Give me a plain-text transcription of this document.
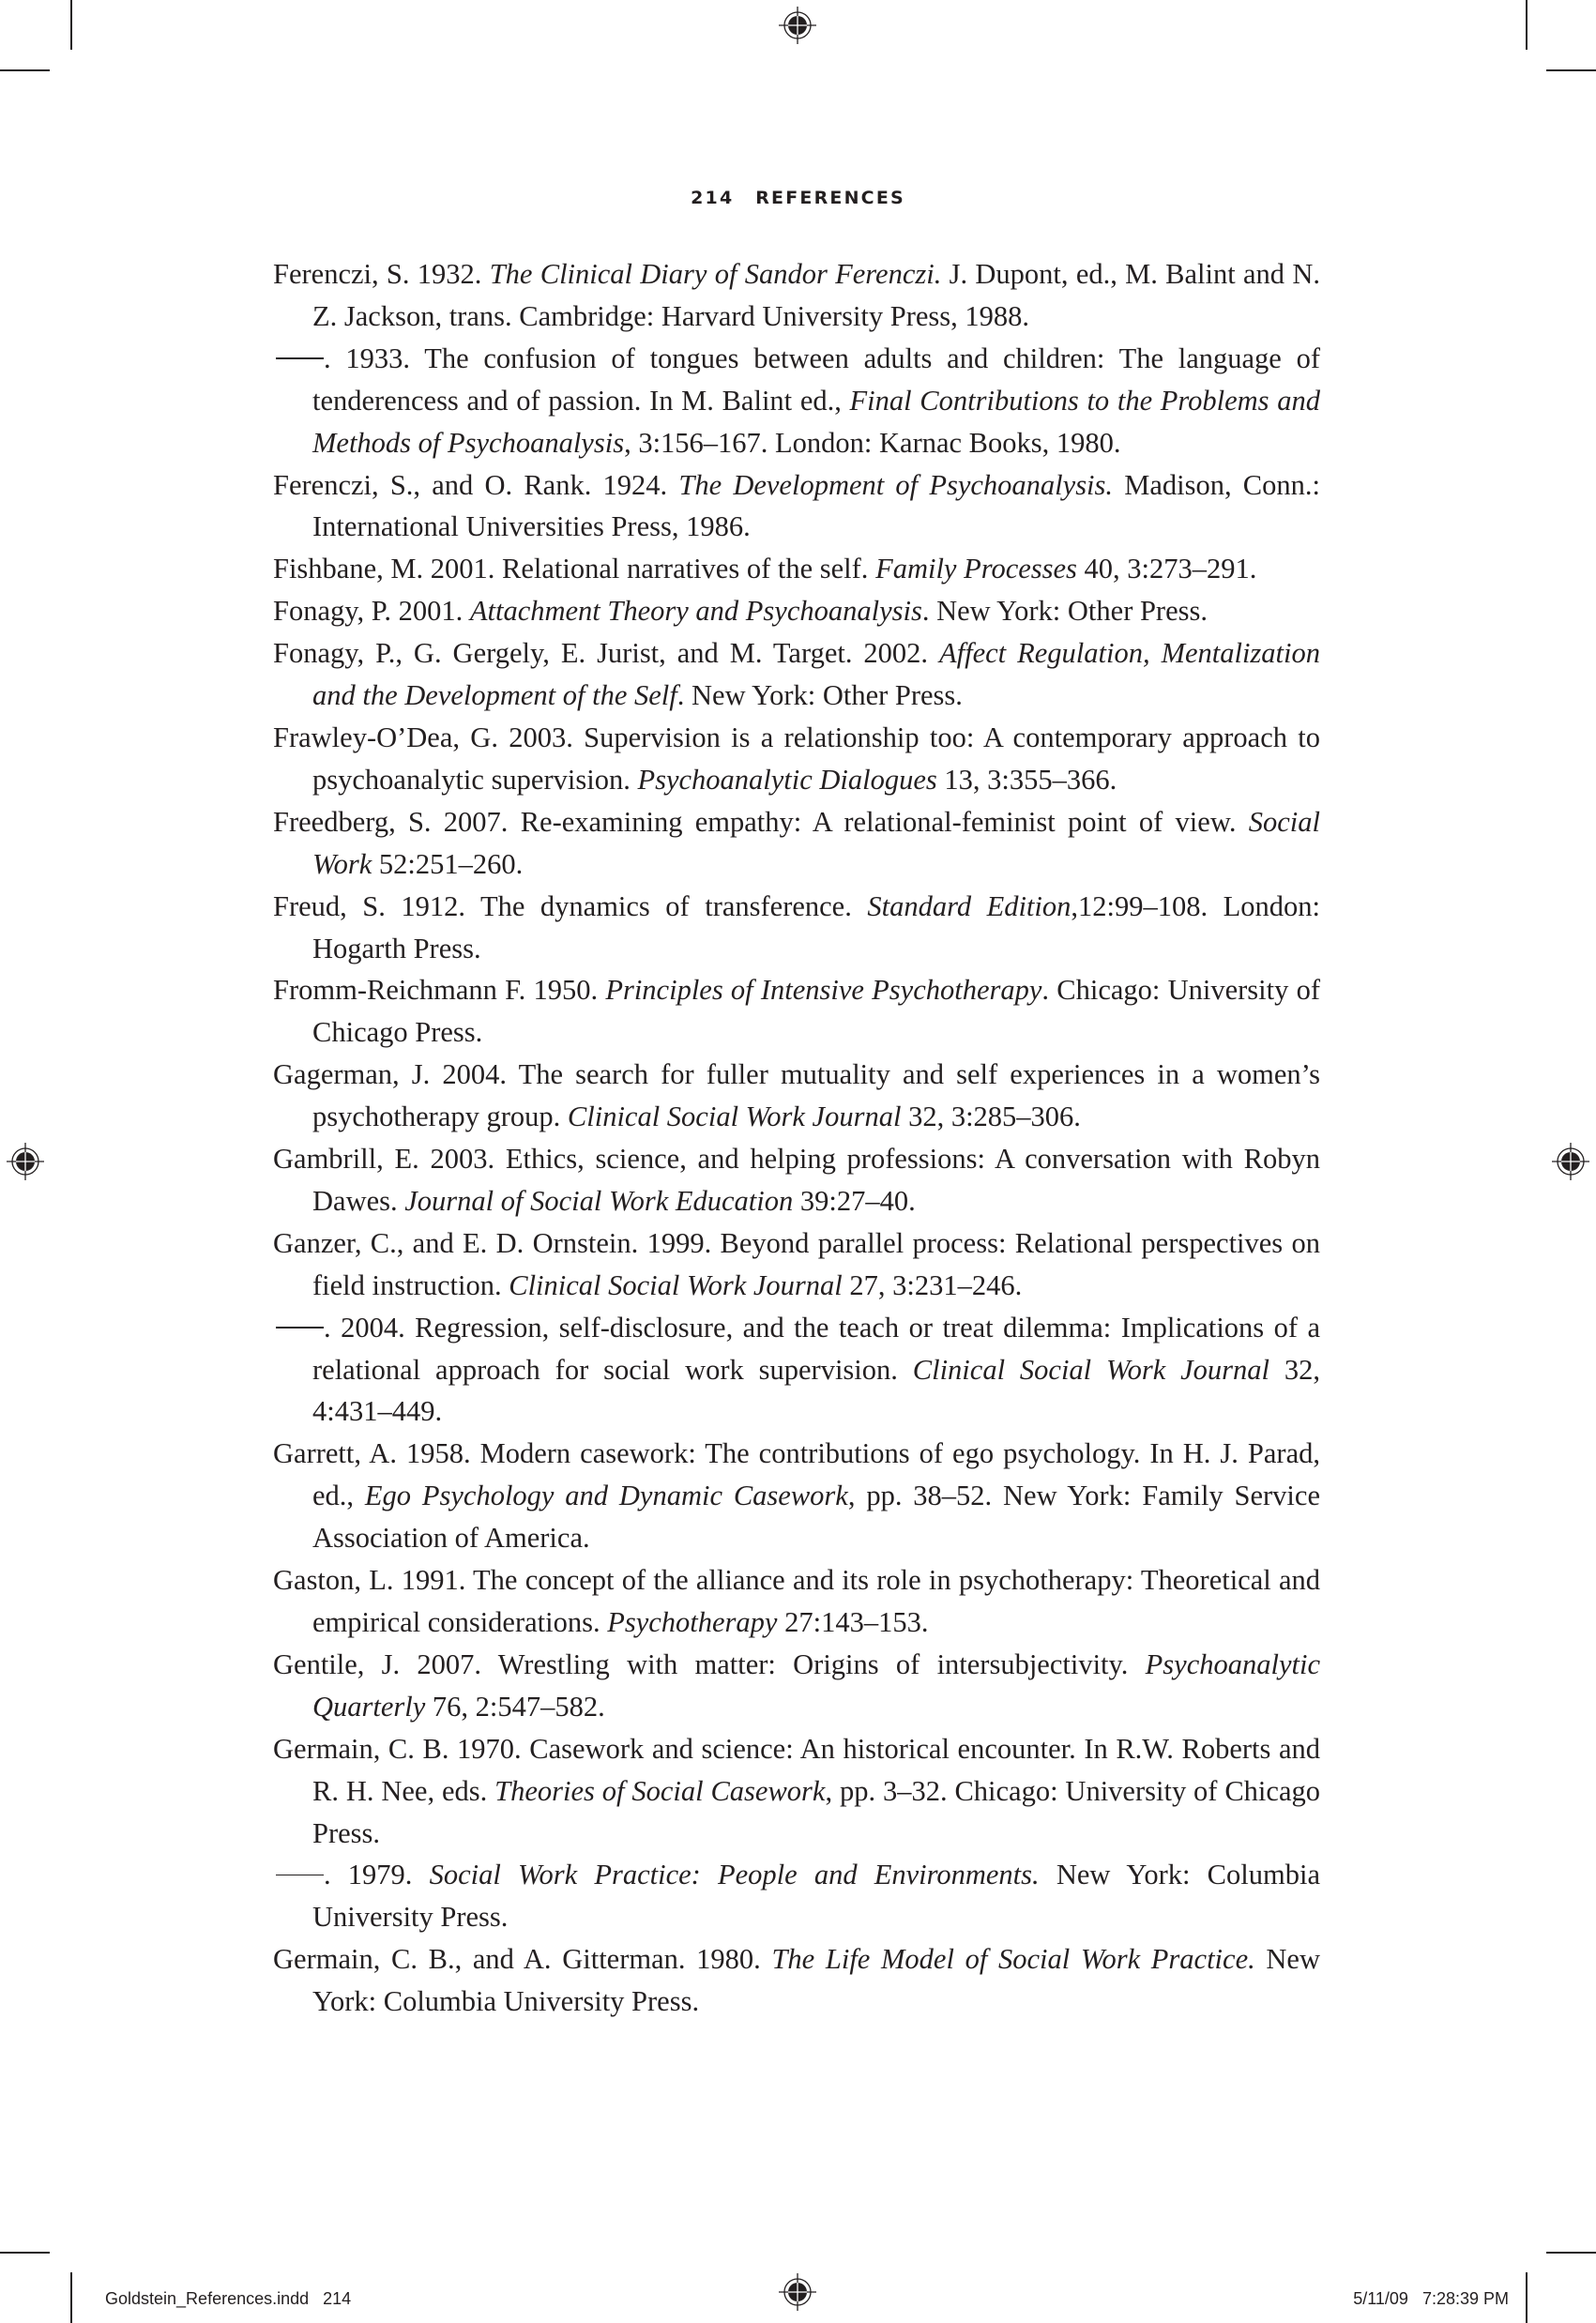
214 REFERENCES

Ferenczi, S. 1932. The Clinical Diary of Sandor Ferenczi. J. Dupont, ed., M. Balint and N. Z. Jackson, trans. Cambridge: Harvard University Press, 1988.

. 1933. The confusion of tongues between adults and children: The language of tenderencess and of passion. In M. Balint ed., Final Contributions to the Problems and Methods of Psychoanalysis, 3:156–167. London: Karnac Books, 1980.

Ferenczi, S., and O. Rank. 1924. The Development of Psychoanalysis. Madison, Conn.: International Universities Press, 1986.

Fishbane, M. 2001. Relational narratives of the self. Family Processes 40, 3:273–291.

Fonagy, P. 2001. Attachment Theory and Psychoanalysis. New York: Other Press.

Fonagy, P., G. Gergely, E. Jurist, and M. Target. 2002. Affect Regulation, Mentalization and the Development of the Self. New York: Other Press.

Frawley-O’Dea, G. 2003. Supervision is a relationship too: A contemporary approach to psychoanalytic supervision. Psychoanalytic Dialogues 13, 3:355–366.

Freedberg, S. 2007. Re-examining empathy: A relational-feminist point of view. Social Work 52:251–260.

Freud, S. 1912. The dynamics of transference. Standard Edition,12:99–108. London: Hogarth Press.

Fromm-Reichmann F. 1950. Principles of Intensive Psychotherapy. Chicago: University of Chicago Press.

Gagerman, J. 2004. The search for fuller mutuality and self experiences in a women’s psychotherapy group. Clinical Social Work Journal 32, 3:285–306.

Gambrill, E. 2003. Ethics, science, and helping professions: A conversation with Robyn Dawes. Journal of Social Work Education 39:27–40.

Ganzer, C., and E. D. Ornstein. 1999. Beyond parallel process: Relational perspectives on field instruction. Clinical Social Work Journal 27, 3:231–246.

. 2004. Regression, self-disclosure, and the teach or treat dilemma: Implications of a relational approach for social work supervision. Clinical Social Work Journal 32, 4:431–449.

Garrett, A. 1958. Modern casework: The contributions of ego psychology. In H. J. Parad, ed., Ego Psychology and Dynamic Casework, pp. 38–52. New York: Family Service Association of America.

Gaston, L. 1991. The concept of the alliance and its role in psychotherapy: Theoretical and empirical considerations. Psychotherapy 27:143–153.

Gentile, J. 2007. Wrestling with matter: Origins of intersubjectivity. Psychoanalytic Quarterly 76, 2:547–582.

Germain, C. B. 1970. Casework and science: An historical encounter. In R.W. Roberts and R. H. Nee, eds. Theories of Social Casework, pp. 3–32. Chicago: University of Chicago Press.

. 1979. Social Work Practice: People and Environments. New York: Columbia University Press.

Germain, C. B., and A. Gitterman. 1980. The Life Model of Social Work Practice. New York: Columbia University Press.

Goldstein_References.indd   214	5/11/09   7:28:39 PM
